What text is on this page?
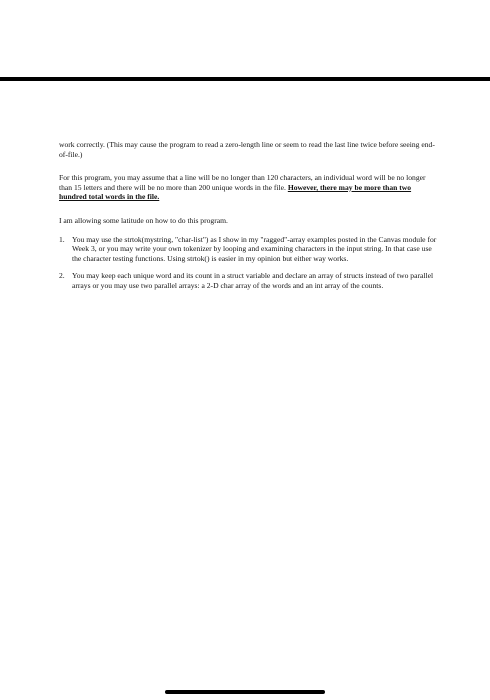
work correctly. (This may cause the program to read a zero-length line or seem to read the last line twice before seeing end-of-file.)

For this program, you may assume that a line will be no longer than 120 characters, an individual word will be no longer than 15 letters and there will be no more than 200 unique words in the file. However, there may be more than two hundred total words in the file.

I am allowing some latitude on how to do this program.

1. You may use the strtok(mystring, "char-list") as I show in my "ragged"-array examples posted in the Canvas module for Week 3, or you may write your own tokenizer by looping and examining characters in the input string. In that case use the character testing functions. Using strtok() is easier in my opinion but either way works.
2. You may keep each unique word and its count in a struct variable and declare an array of structs instead of two parallel arrays or you may use two parallel arrays: a 2-D char array of the words and an int array of the counts.
